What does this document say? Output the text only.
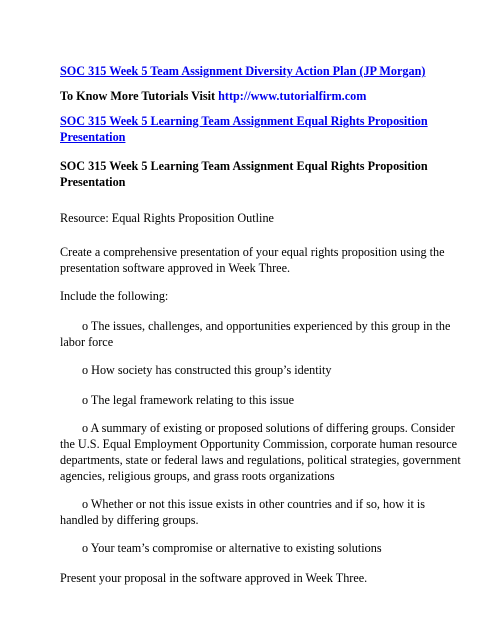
SOC 315 Week 5 Team Assignment Diversity Action Plan (JP Morgan)

To Know More Tutorials Visit http://www.tutorialfirm.com

SOC 315 Week 5 Learning Team Assignment Equal Rights Proposition
Presentation

SOC 315 Week 5 Learning Team Assignment Equal Rights Proposition

Presentation

Resource: Equal Rights Proposition Outline

Create a comprehensive presentation of your equal rights proposition using the

presentation software approved in Week Three.

Include the following:

o The issues, challenges, and opportunities experienced by this group in the

labor force

o How society has constructed this group’s identity

o The legal framework relating to this issue

o A summary of existing or proposed solutions of differing groups. Consider

the U.S. Equal Employment Opportunity Commission, corporate human resource

departments, state or federal laws and regulations, political strategies, government

agencies, religious groups, and grass roots organizations

o Whether or not this issue exists in other countries and if so, how it is

handled by differing groups.

o Your team’s compromise or alternative to existing solutions

Present your proposal in the software approved in Week Three.
